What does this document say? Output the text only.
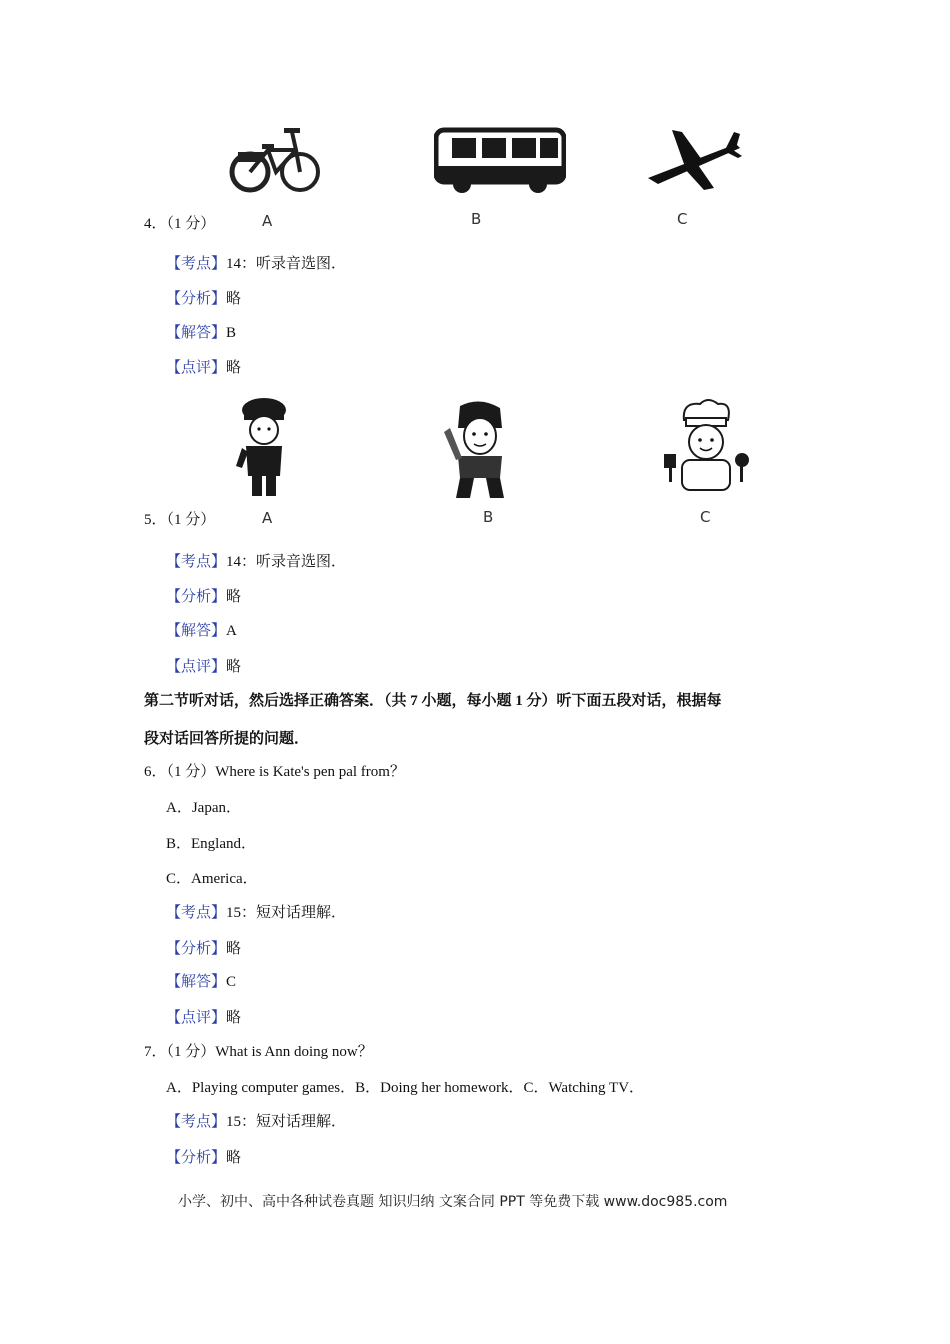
4．（1 分）	A	B	C
【考点】14：听录音选图．
【分析】略
【解答】B
【点评】略
5．（1 分）	A	B	C
【考点】14：听录音选图．
【分析】略
【解答】A
【点评】略
第二节听对话，然后选择正确答案．（共 7 小题，每小题 1 分）听下面五段对话，根据每
段对话回答所提的问题．
6．（1 分）Where is Kate's pen pal from？
A．Japan．
B．England．
C．America．
【考点】15：短对话理解．
【分析】略
【解答】C
【点评】略
7．（1 分）What is Ann doing now？
A．Playing computer games．B．Doing her homework．C．Watching TV．
【考点】15：短对话理解．
【分析】略
小学、初中、高中各种试卷真题 知识归纳 文案合同 PPT 等免费下载 www.doc985.com
